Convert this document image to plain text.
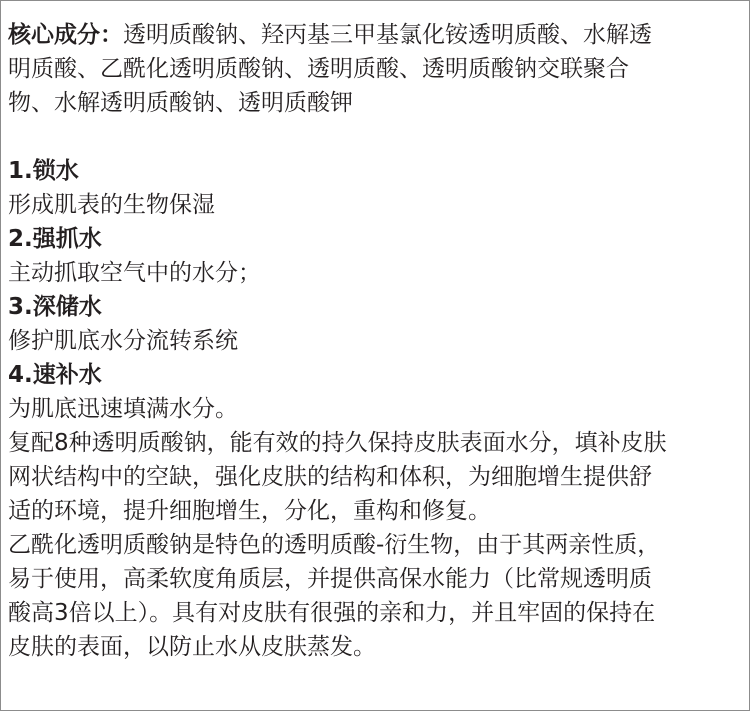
核心成分：透明质酸钠、羟丙基三甲基氯化铵透明质酸、水解透
明质酸、乙酰化透明质酸钠、透明质酸、透明质酸钠交联聚合
物、水解透明质酸钠、透明质酸钾
1.锁水
形成肌表的生物保湿
2.强抓水
主动抓取空气中的水分；
3.深储水
修护肌底水分流转系统
4.速补水
为肌底迅速填满水分。
复配8种透明质酸钠，能有效的持久保持皮肤表面水分，填补皮肤
网状结构中的空缺，强化皮肤的结构和体积，为细胞增生提供舒
适的环境，提升细胞增生，分化，重构和修复。
乙酰化透明质酸钠是特色的透明质酸-衍生物，由于其两亲性质，
易于使用，高柔软度角质层，并提供高保水能力（比常规透明质
酸高3倍以上）。具有对皮肤有很强的亲和力，并且牢固的保持在
皮肤的表面，以防止水从皮肤蒸发。
